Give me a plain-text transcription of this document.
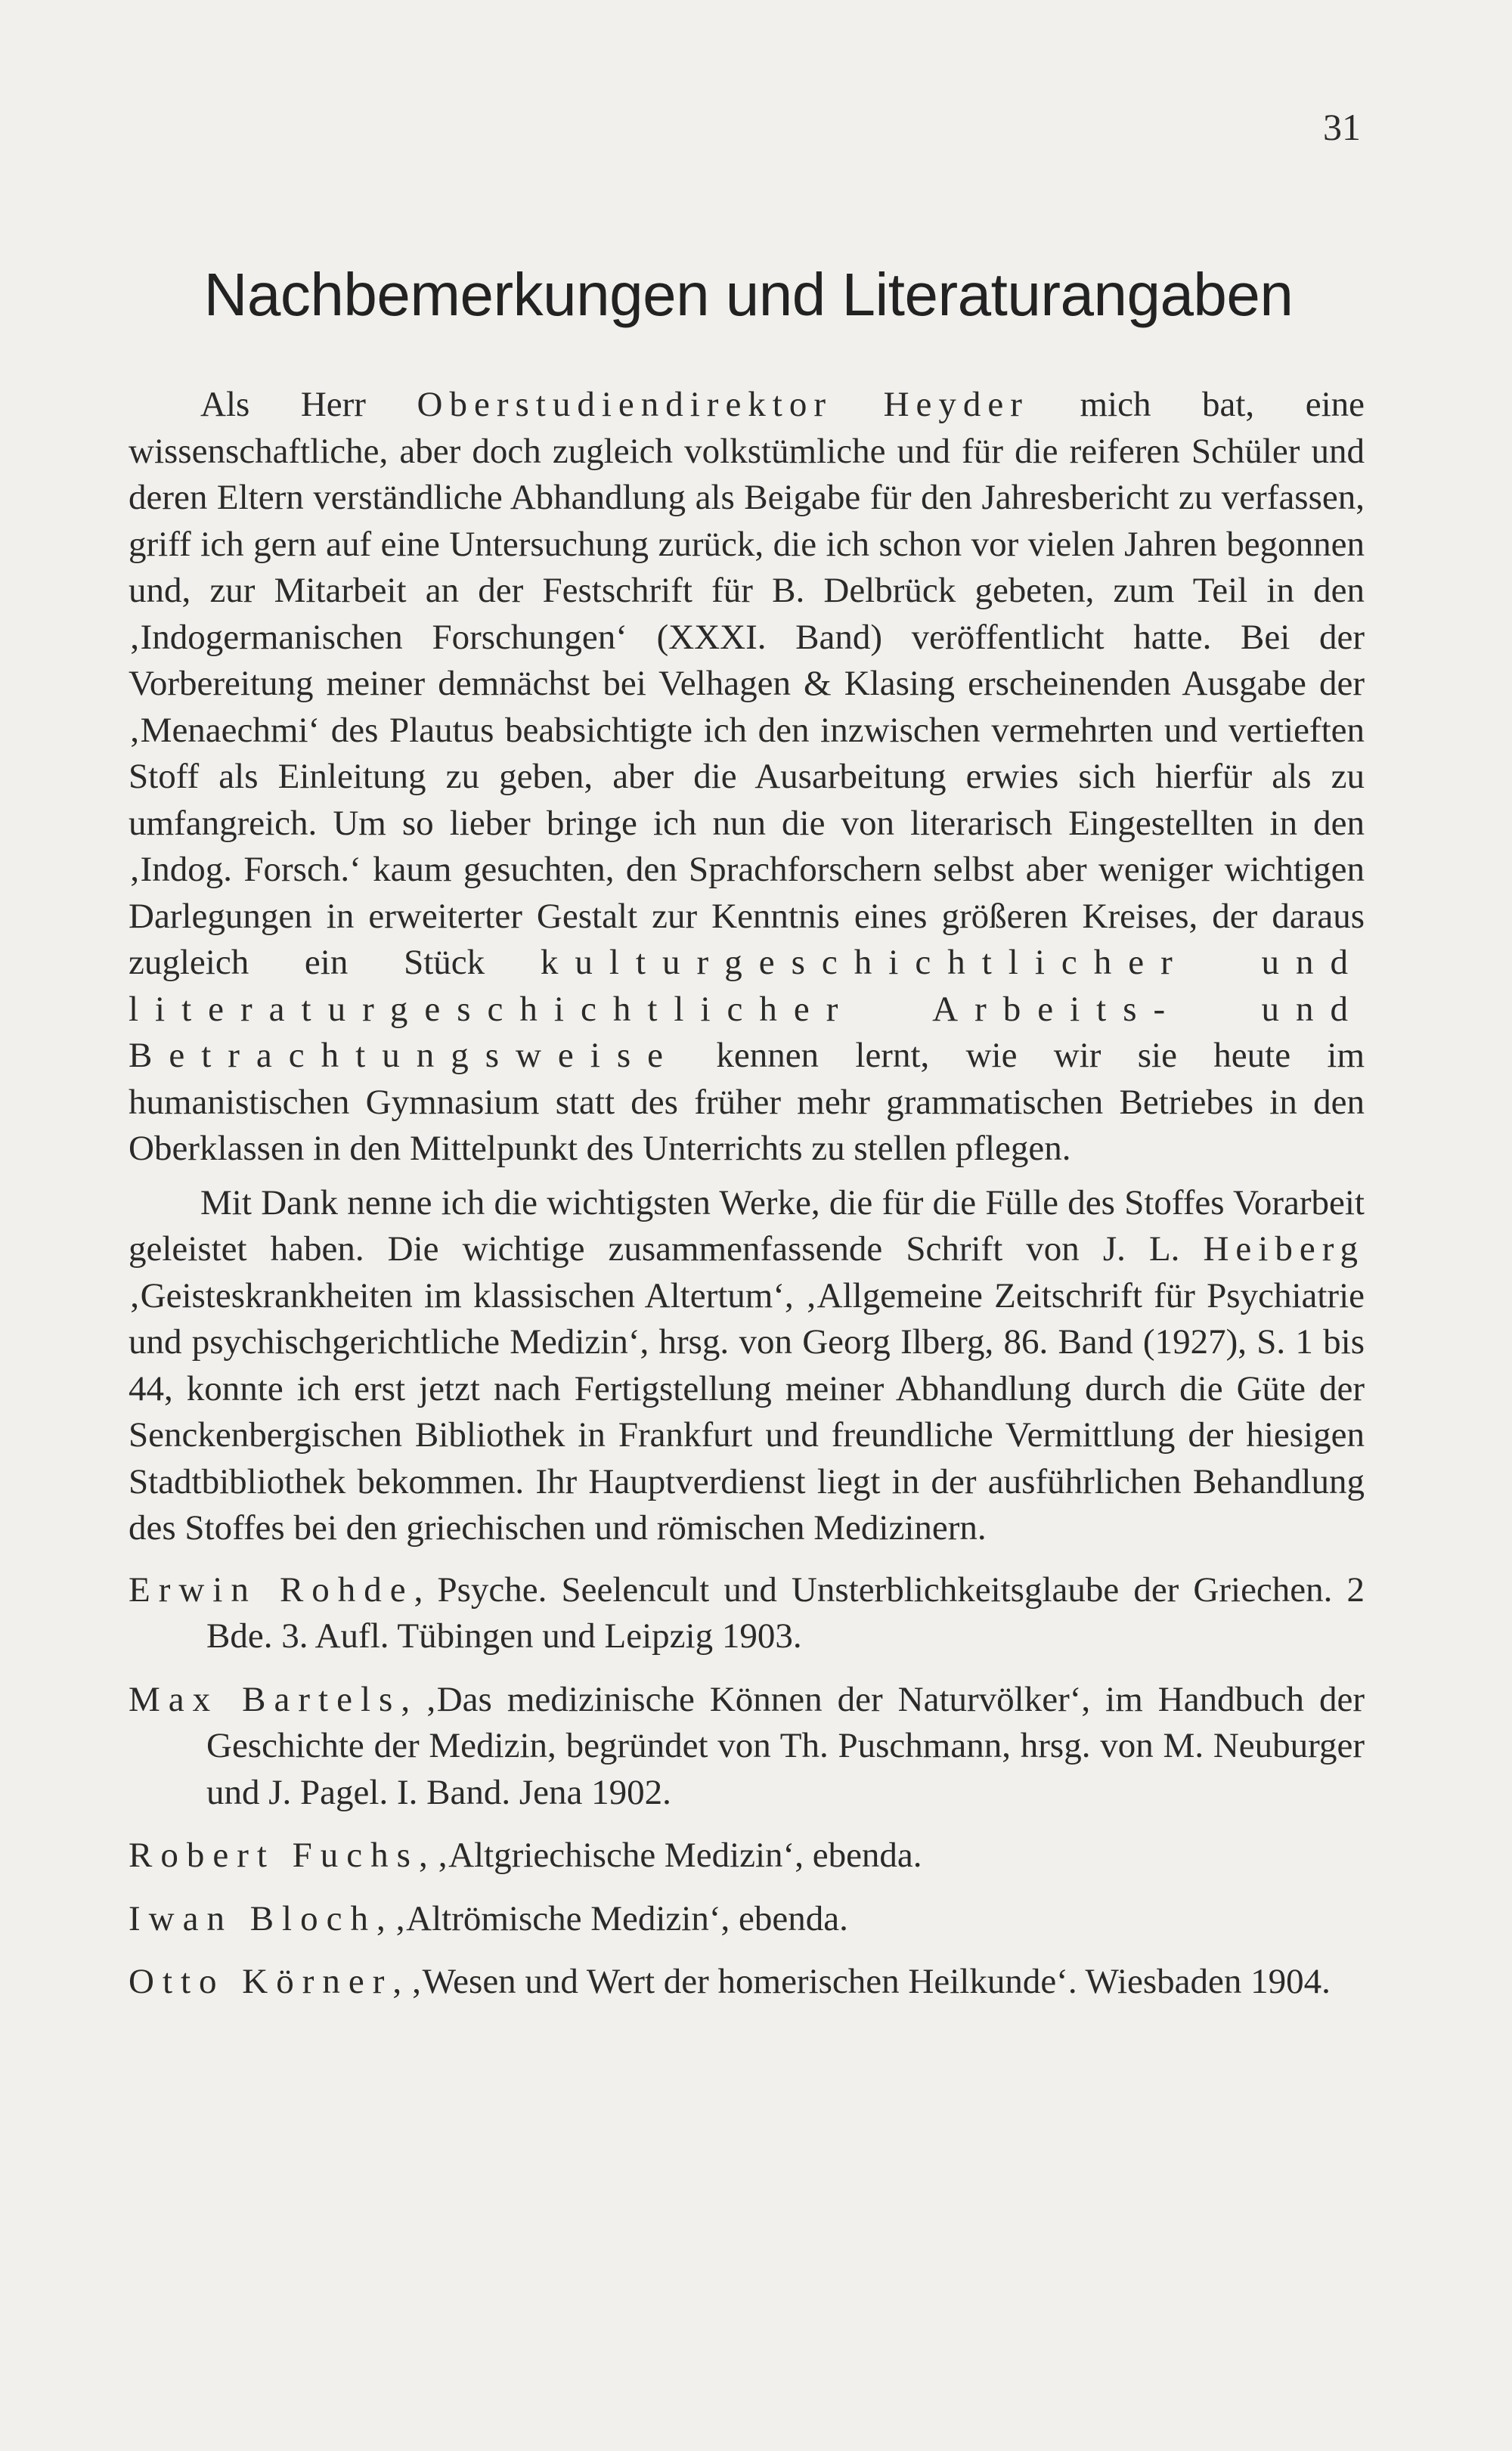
31
Nachbemerkungen und Literaturangaben

Als Herr Oberstudiendirektor Heyder mich bat, eine wissenschaftliche, aber doch zugleich volkstümliche und für die reiferen Schüler und deren Eltern verständliche Abhandlung als Beigabe für den Jahresbericht zu verfassen, griff ich gern auf eine Untersuchung zurück, die ich schon vor vielen Jahren begonnen und, zur Mitarbeit an der Festschrift für B. Delbrück gebeten, zum Teil in den ‚Indogermanischen Forschungen‘ (XXXI. Band) veröffentlicht hatte. Bei der Vorbereitung meiner demnächst bei Velhagen & Klasing erscheinenden Ausgabe der ‚Menaechmi‘ des Plautus beabsichtigte ich den inzwischen vermehrten und vertieften Stoff als Einleitung zu geben, aber die Ausarbeitung erwies sich hierfür als zu umfangreich. Um so lieber bringe ich nun die von literarisch Eingestellten in den ‚Indog. Forsch.‘ kaum gesuchten, den Sprachforschern selbst aber weniger wichtigen Darlegungen in erweiterter Gestalt zur Kenntnis eines größeren Kreises, der daraus zugleich ein Stück kulturgeschichtlicher und literaturgeschichtlicher Arbeits- und Betrachtungsweise kennen lernt, wie wir sie heute im humanistischen Gymnasium statt des früher mehr grammatischen Betriebes in den Oberklassen in den Mittelpunkt des Unterrichts zu stellen pflegen.

Mit Dank nenne ich die wichtigsten Werke, die für die Fülle des Stoffes Vorarbeit geleistet haben. Die wichtige zusammenfassende Schrift von J. L. Heiberg ‚Geisteskrankheiten im klassischen Altertum‘, ‚Allgemeine Zeitschrift für Psychiatrie und psychischgerichtliche Medizin‘, hrsg. von Georg Ilberg, 86. Band (1927), S. 1 bis 44, konnte ich erst jetzt nach Fertigstellung meiner Abhandlung durch die Güte der Senckenbergischen Bibliothek in Frankfurt und freundliche Vermittlung der hiesigen Stadtbibliothek bekommen. Ihr Hauptverdienst liegt in der ausführlichen Behandlung des Stoffes bei den griechischen und römischen Medizinern.

Erwin Rohde, Psyche. Seelencult und Unsterblichkeitsglaube der Griechen. 2 Bde. 3. Aufl. Tübingen und Leipzig 1903.

Max Bartels, ‚Das medizinische Können der Naturvölker‘, im Handbuch der Geschichte der Medizin, begründet von Th. Puschmann, hrsg. von M. Neuburger und J. Pagel. I. Band. Jena 1902.

Robert Fuchs, ‚Altgriechische Medizin‘, ebenda.

Iwan Bloch, ‚Altrömische Medizin‘, ebenda.

Otto Körner, ‚Wesen und Wert der homerischen Heilkunde‘. Wiesbaden 1904.
